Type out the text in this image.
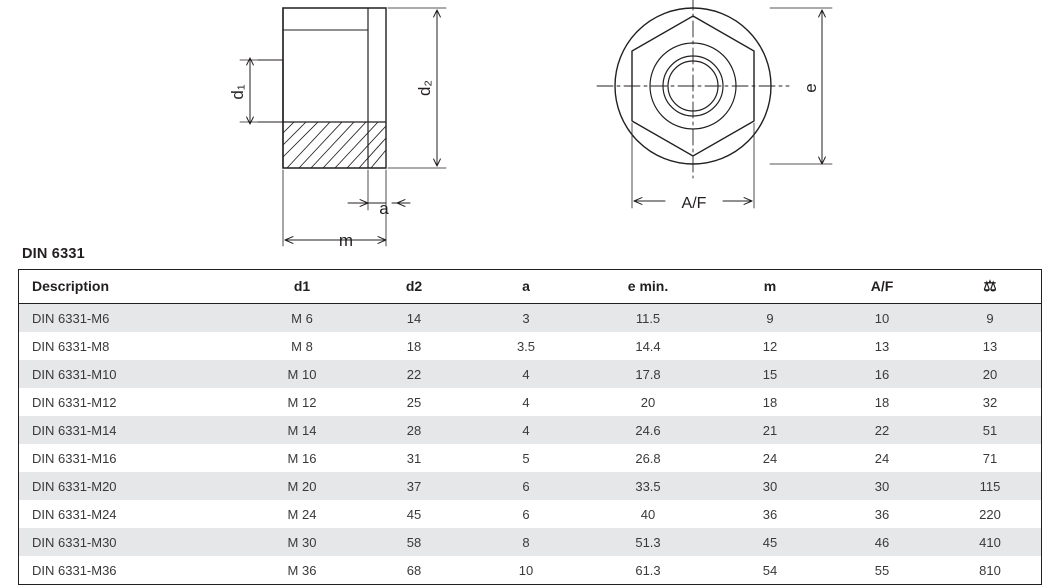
d₁	d₂
a
m
e
A/F
DIN 6331
Description	d1	d2	a	e min.	m	A/F	⚖
DIN 6331-M6	M 6	14	3	11.5	9	10	9
DIN 6331-M8	M 8	18	3.5	14.4	12	13	13
DIN 6331-M10	M 10	22	4	17.8	15	16	20
DIN 6331-M12	M 12	25	4	20	18	18	32
DIN 6331-M14	M 14	28	4	24.6	21	22	51
DIN 6331-M16	M 16	31	5	26.8	24	24	71
DIN 6331-M20	M 20	37	6	33.5	30	30	115
DIN 6331-M24	M 24	45	6	40	36	36	220
DIN 6331-M30	M 30	58	8	51.3	45	46	410
DIN 6331-M36	M 36	68	10	61.3	54	55	810
